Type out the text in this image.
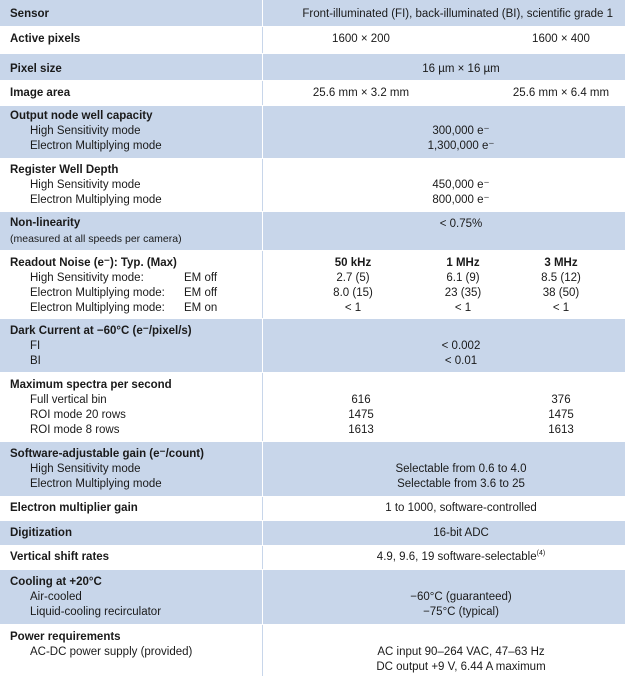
Sensor	Front-illuminated (FI), back-illuminated (BI), scientific grade 1
Active pixels	1600 × 200	1600 × 400
Pixel size	16 µm × 16 µm
Image area	25.6 mm × 3.2 mm	25.6 mm × 6.4 mm
Output node well capacity
High Sensitivity mode	300,000 e⁻
Electron Multiplying mode	1,300,000 e⁻
Register Well Depth
High Sensitivity mode	450,000 e⁻
Electron Multiplying mode	800,000 e⁻
Non-linearity
(measured at all speeds per camera)
< 0.75%
Readout Noise (e⁻): Typ. (Max)	50 kHz	1 MHz	3 MHz
High Sensitivity mode:	EM off	2.7 (5)	6.1 (9)	8.5 (12)
Electron Multiplying mode: EM off	8.0 (15)	23 (35)	38 (50)
Electron Multiplying mode: EM on	< 1	< 1	< 1
Dark Current at −60°C (e⁻/pixel/s)
FI	< 0.002
BI	< 0.01
Maximum spectra per second
Full vertical bin	616	376
ROI mode 20 rows	1475	1475
ROI mode 8 rows	1613	1613
Software-adjustable gain (e⁻/count)
High Sensitivity mode	Selectable from 0.6 to 4.0
Electron Multiplying mode	Selectable from 3.6 to 25
Electron multiplier gain	1 to 1000, software-controlled
Digitization	16-bit ADC
Vertical shift rates	4.9, 9.6, 19 software-selectable$^{(4)}$
Cooling at +20°C
Air-cooled	−60°C (guaranteed)
Liquid-cooling recirculator	−75°C (typical)
Power requirements
AC-DC power supply (provided)	AC input 90–264 VAC, 47–63 Hz
DC output +9 V, 6.44 A maximum
